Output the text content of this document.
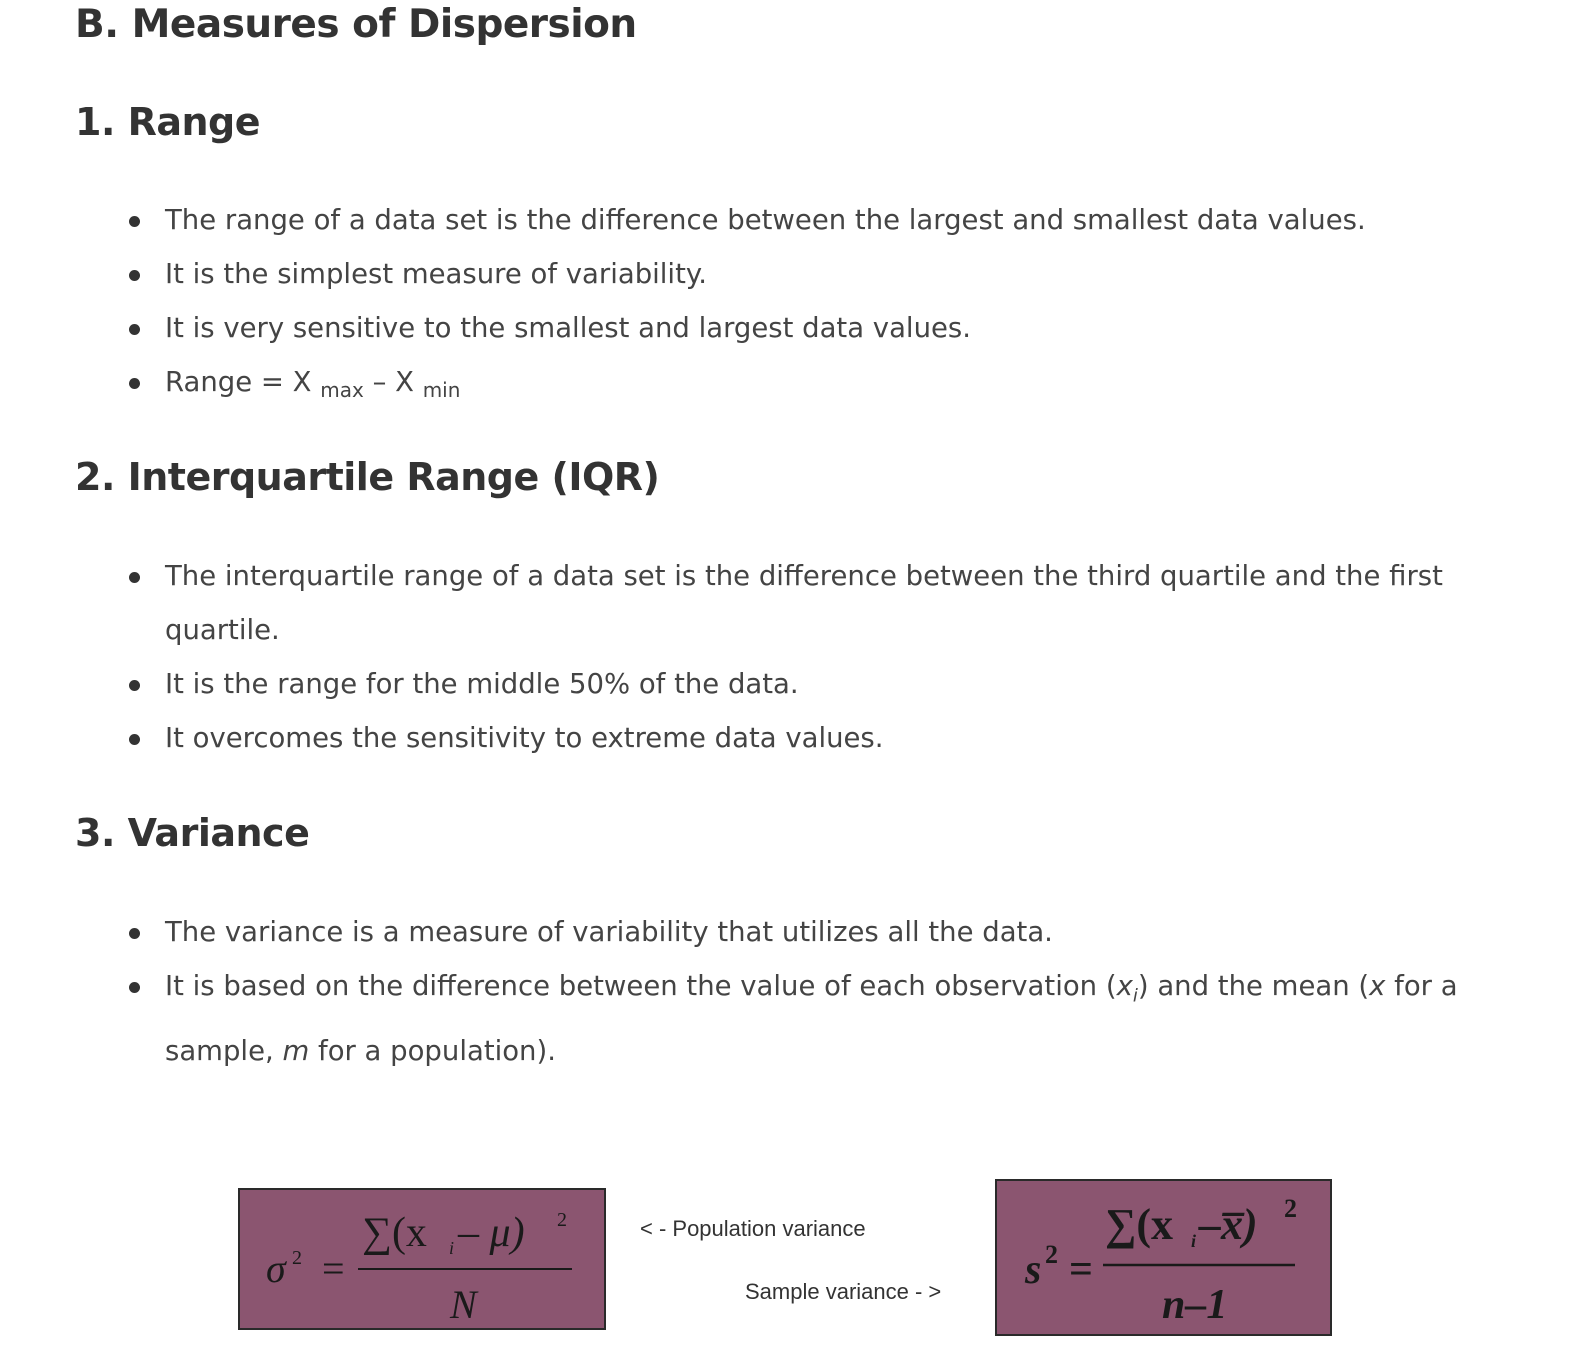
B. Measures of Dispersion
1. Range
The range of a data set is the difference between the largest and smallest data values.
It is the simplest measure of variability.
It is very sensitive to the smallest and largest data values.
Range = X $_{max}$ – X $_{min}$
2. Interquartile Range (IQR)
The interquartile range of a data set is the difference between the third quartile and the first quartile.
It is the range for the middle 50% of the data.
It overcomes the sensitivity to extreme data values.
3. Variance
The variance is a measure of variability that utilizes all the data.
It is based on the difference between the value of each observation $(x_i)$ and the mean (x for a sample, m for a population).
σ 2 =
∑(x i – μ) 2
N
< - Population variance
Sample variance - > s 2 =
∑(x i –x̅) 2
n–1
